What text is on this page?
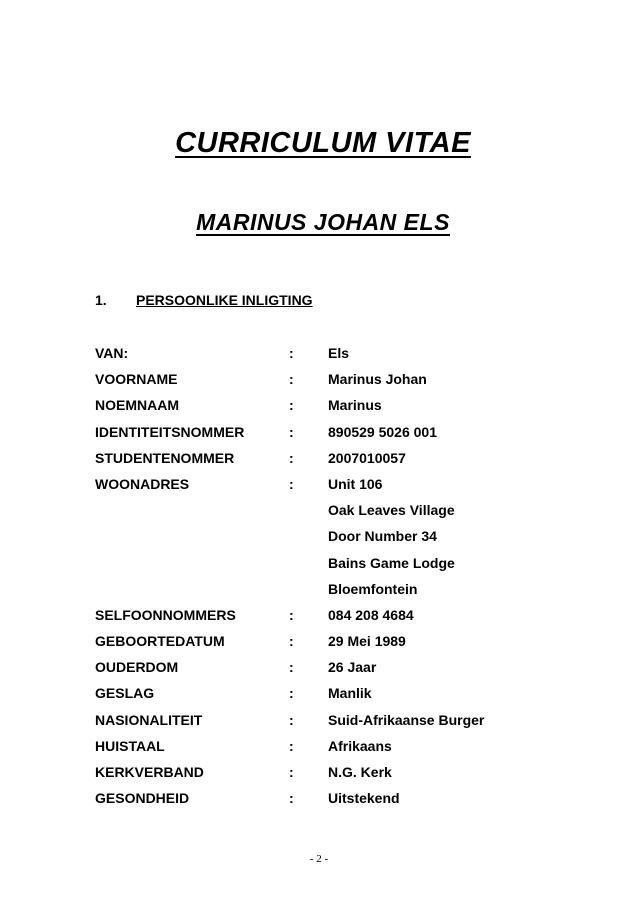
CURRICULUM VITAE
MARINUS JOHAN ELS
1. PERSOONLIKE INLIGTING
VAN:	: Els
VOORNAME	: Marinus Johan
NOEMNAAM	: Marinus
IDENTITEITSNOMMER	: 890529 5026 001
STUDENTENOMMER	: 2007010057
WOONADRES	: Unit 106
Oak Leaves Village
Door Number 34
Bains Game Lodge
Bloemfontein
SELFOONNOMMERS	: 084 208 4684
GEBOORTEDATUM	: 29 Mei 1989
OUDERDOM	: 26 Jaar
GESLAG	: Manlik
NASIONALITEIT	: Suid-Afrikaanse Burger
HUISTAAL	: Afrikaans
KERKVERBAND	: N.G. Kerk
GESONDHEID	: Uitstekend
- 2 -
